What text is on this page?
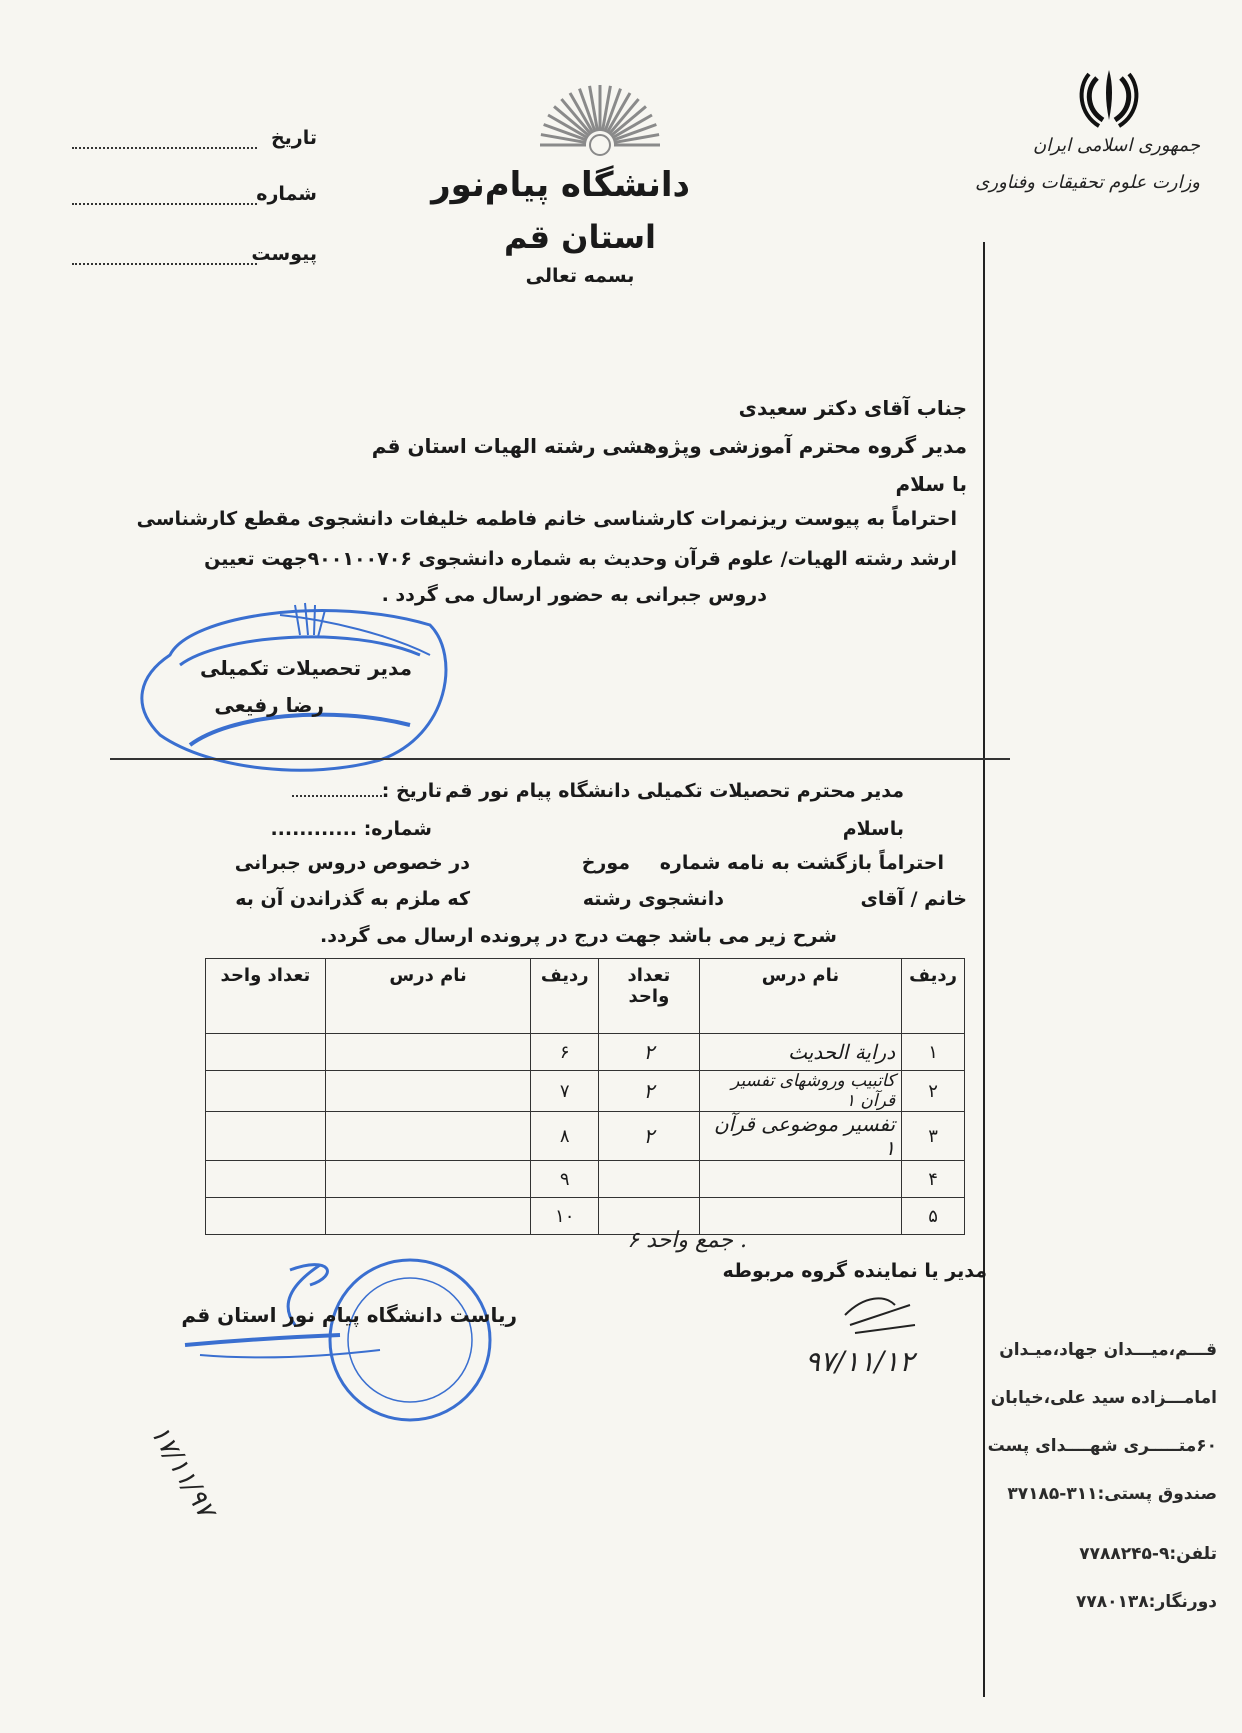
تاریخ
شماره
پیوست
دانشگاه پیام‌نور
استان قم
بسمه تعالی
جمهوری اسلامی ایران
وزارت علوم تحقیقات وفناوری
جناب آقای دکتر سعیدی
مدیر گروه محترم آموزشی وپژوهشی رشته الهیات استان قم
با سلام
احتراماً به پیوست ریزنمرات کارشناسی خانم فاطمه خلیفات دانشجوی مقطع کارشناسی
ارشد رشته الهیات/ علوم قرآن وحدیث به شماره دانشجوی ۹۰۰۱۰۰۷۰۶جهت تعیین
دروس جبرانی به حضور ارسال می گردد .
مدیر تحصیلات تکمیلی
رضا رفیعی
مدیر محترم تحصیلات تکمیلی دانشگاه پیام نور قم
تاریخ :
شماره: ............	باسلام
احتراماً بازگشت به نامه شماره
مورخ
در خصوص دروس جبرانی
خانم / آقای
دانشجوی رشته
که ملزم به گذراندن آن به
شرح زیر می باشد جهت درج در پرونده ارسال می گردد.
ردیف	نام درس	تعداد واحد	ردیف	نام درس	تعداد واحد
۱	درایة الحدیث	۲	۶		
۲	کاتبیب وروشهای تفسیر قرآن ۱	۲	۷		
۳	تفسیر موضوعی قرآن ۱	۲	۸		
۴			۹		
۵			۱۰		
. جمع واحد ۶
مدیر یا نماینده گروه مربوطه
۹۷/۱۱/۱۲
ریاست دانشگاه پیام نور استان قم
۱۷/۱۱/۹۷

قـــم،میـــدان جهاد،میـدان

امامـــزاده سید علی،خیابان

۶۰متـــــری شهــــدای پست

صندوق پستی:۳۱۱-۳۷۱۸۵

تلفن:۹-۷۷۸۸۲۴۵

دورنگار:۷۷۸۰۱۳۸
